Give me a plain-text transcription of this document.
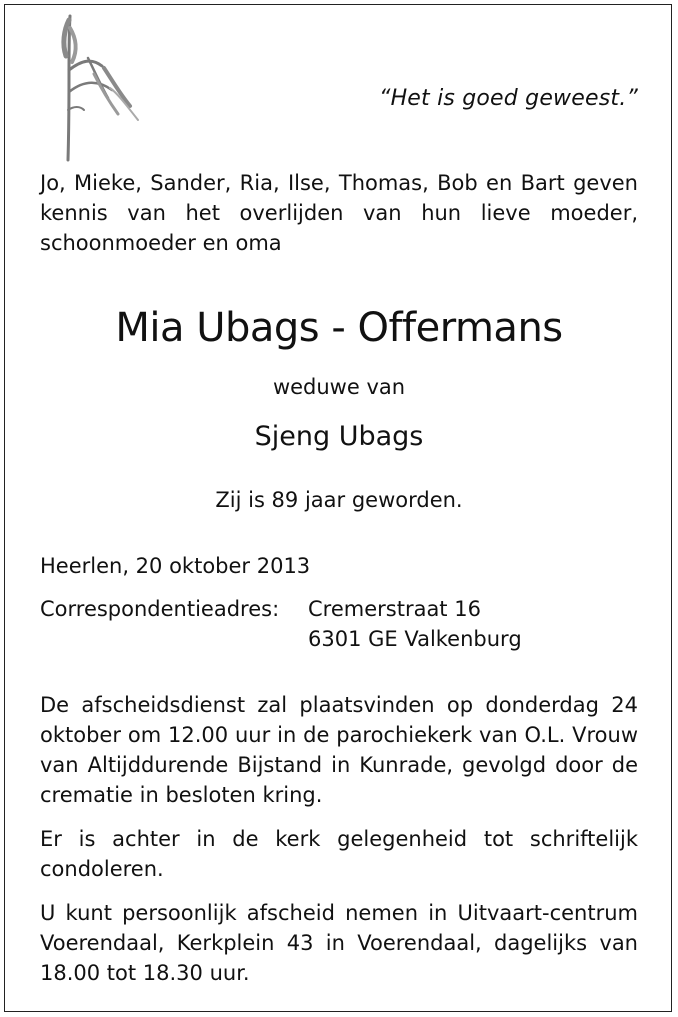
“Het is goed geweest.”

Jo, Mieke, Sander, Ria, Ilse, Thomas, Bob en Bart geven kennis van het overlijden van hun lieve moeder, schoonmoeder en oma

Mia Ubags - Offermans

weduwe van

Sjeng Ubags

Zij is 89 jaar geworden.

Heerlen, 20 oktober 2013

Correspondentieadres:	Cremerstraat 16
6301 GE Valkenburg

De afscheidsdienst zal plaatsvinden op donderdag 24 oktober om 12.00 uur in de parochiekerk van O.L. Vrouw van Altijddurende Bijstand in Kunrade, gevolgd door de crematie in besloten kring.

Er is achter in de kerk gelegenheid tot schriftelijk condoleren.

U kunt persoonlijk afscheid nemen in Uitvaart-centrum Voerendaal, Kerkplein 43 in Voerendaal, dagelijks van 18.00 tot 18.30 uur.
